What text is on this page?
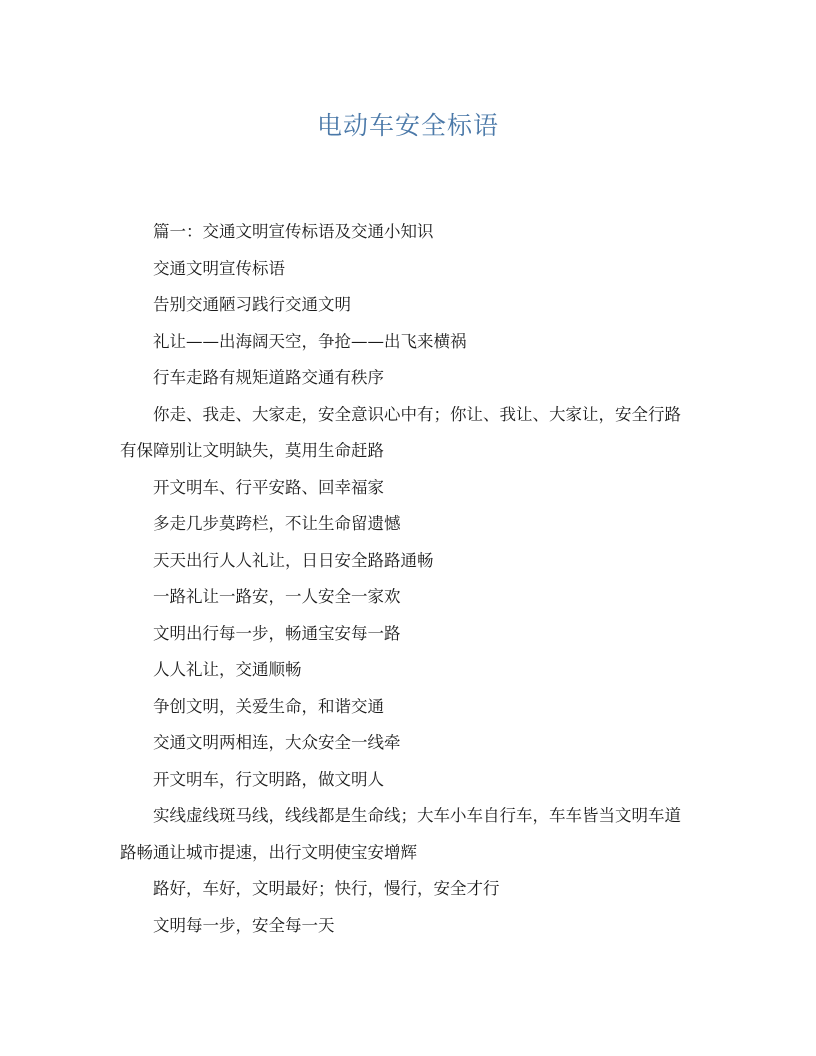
电动车安全标语

篇一：交通文明宣传标语及交通小知识

交通文明宣传标语

告别交通陋习践行交通文明

礼让——出海阔天空，争抢——出飞来横祸

行车走路有规矩道路交通有秩序

你走、我走、大家走，安全意识心中有；你让、我让、大家让，安全行路有保障别让文明缺失，莫用生命赶路

开文明车、行平安路、回幸福家

多走几步莫跨栏，不让生命留遗憾

天天出行人人礼让，日日安全路路通畅

一路礼让一路安，一人安全一家欢

文明出行每一步，畅通宝安每一路

人人礼让，交通顺畅

争创文明，关爱生命，和谐交通

交通文明两相连，大众安全一线牵

开文明车，行文明路，做文明人

实线虚线斑马线，线线都是生命线；大车小车自行车，车车皆当文明车道路畅通让城市提速，出行文明使宝安增辉

路好，车好，文明最好；快行，慢行，安全才行

文明每一步，安全每一天
